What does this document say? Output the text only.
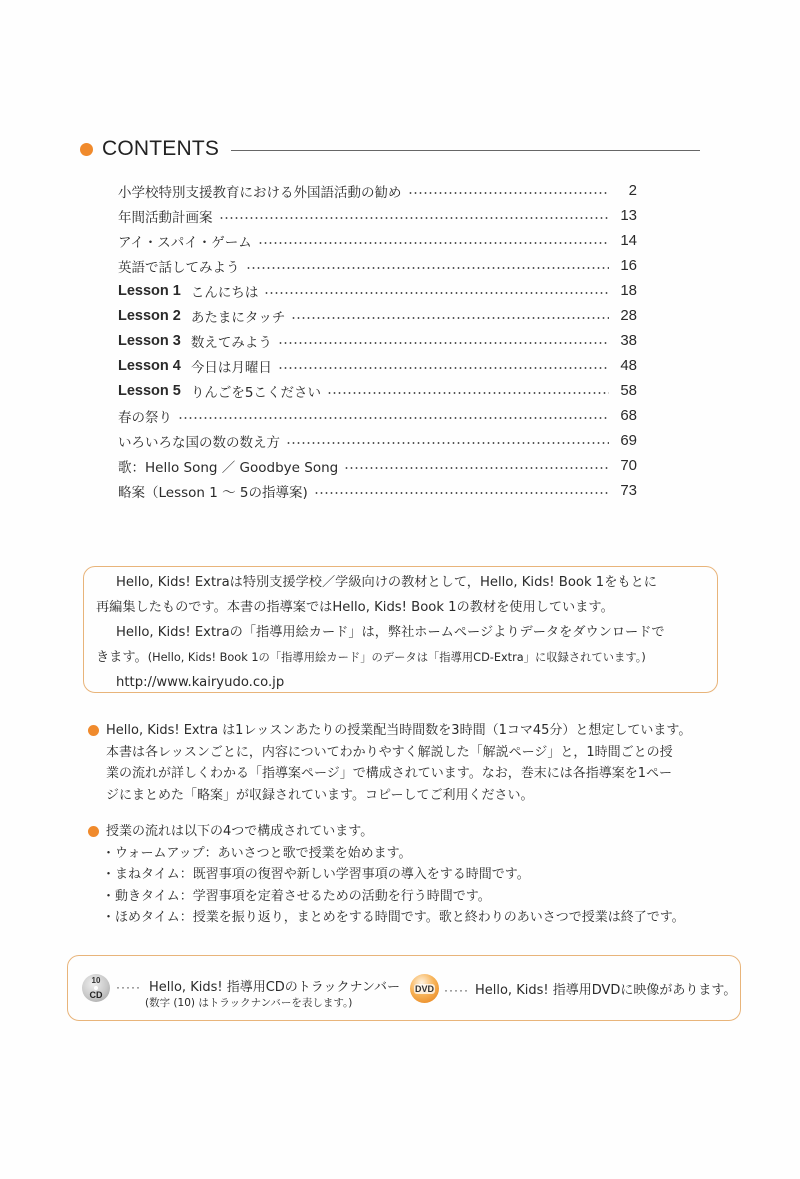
CONTENTS
小学校特別支援教育における外国語活動の勧め	2
年間活動計画案	13
アイ・スパイ・ゲーム	14
英語で話してみよう	16
Lesson 1 こんにちは	18
Lesson 2 あたまにタッチ	28
Lesson 3 数えてみよう	38
Lesson 4 今日は月曜日	48
Lesson 5 りんごを5こください	58
春の祭り	68
いろいろな国の数の数え方	69
歌：Hello Song ／ Goodbye Song	70
略案（Lesson 1 ～ 5の指導案)	73

Hello, Kids! Extraは特別支援学校／学級向けの教材として，Hello, Kids! Book 1をもとに

再編集したものです。本書の指導案ではHello, Kids! Book 1の教材を使用しています。

Hello, Kids! Extraの「指導用絵カード」は，弊社ホームページよりデータをダウンロードで

きます。(Hello, Kids! Book 1の「指導用絵カード」のデータは「指導用CD-Extra」に収録されています。)

http://www.kairyudo.co.jp

Hello, Kids! Extra は1レッスンあたりの授業配当時間数を3時間（1コマ45分）と想定しています。

本書は各レッスンごとに，内容についてわかりやすく解説した「解説ページ」と，1時間ごとの授

業の流れが詳しくわかる「指導案ページ」で構成されています。なお，巻末には各指導案を1ペー

ジにまとめた「略案」が収録されています。コピーしてご利用ください。

授業の流れは以下の4つで構成されています。

・ウォームアップ：あいさつと歌で授業を始めます。

・まねタイム：既習事項の復習や新しい学習事項の導入をする時間です。

・動きタイム：学習事項を定着させるための活動を行う時間です。

・ほめタイム：授業を振り返り，まとめをする時間です。歌と終わりのあいさつで授業は終了です。

10
CD
····· Hello, Kids! 指導用CDのトラックナンバー
(数字 (10) はトラックナンバーを表します。)
DVD ····· Hello, Kids! 指導用DVDに映像があります。
